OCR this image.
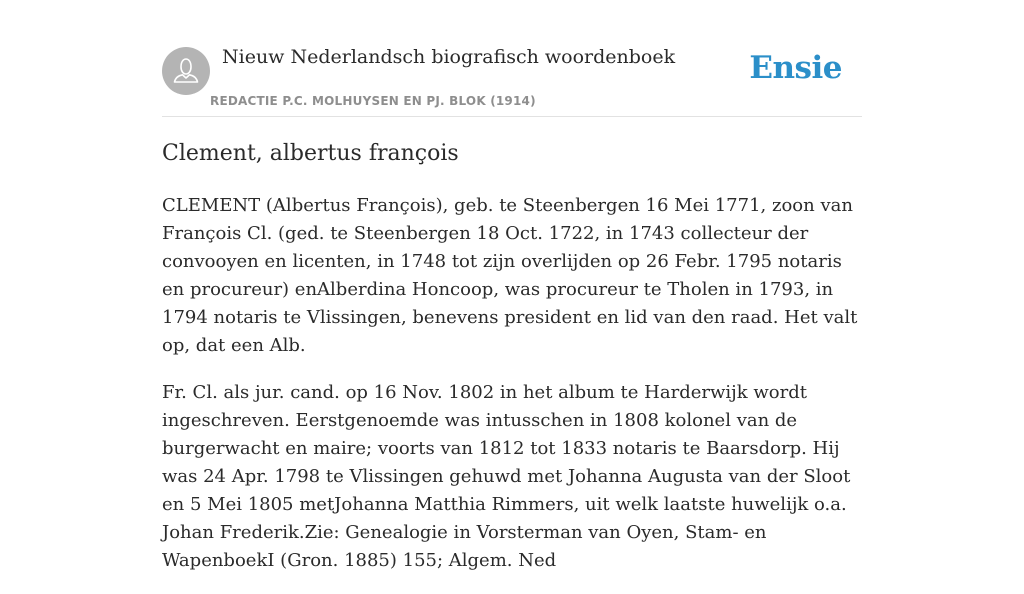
Nieuw Nederlandsch biografisch woordenboek
REDACTIE P.C. MOLHUYSEN EN PJ. BLOK (1914)
Ensie
Clement, albertus françois

CLEMENT (Albertus François), geb. te Steenbergen 16 Mei 1771, zoon van François Cl. (ged. te Steenbergen 18 Oct. 1722, in 1743 collecteur der convooyen en licenten, in 1748 tot zijn overlijden op 26 Febr. 1795 notaris en procureur) enAlberdina Honcoop, was procureur te Tholen in 1793, in 1794 notaris te Vlissingen, benevens president en lid van den raad. Het valt op, dat een Alb.

Fr. Cl. als jur. cand. op 16 Nov. 1802 in het album te Harderwijk wordt ingeschreven. Eerstgenoemde was intusschen in 1808 kolonel van de burgerwacht en maire; voorts van 1812 tot 1833 notaris te Baarsdorp. Hij was 24 Apr. 1798 te Vlissingen gehuwd met Johanna Augusta van der Sloot en 5 Mei 1805 metJohanna Matthia Rimmers, uit welk laatste huwelijk o.a. Johan Frederik.Zie: Genealogie in Vorsterman van Oyen, Stam- en WapenboekI (Gron. 1885) 155; Algem. Ned
